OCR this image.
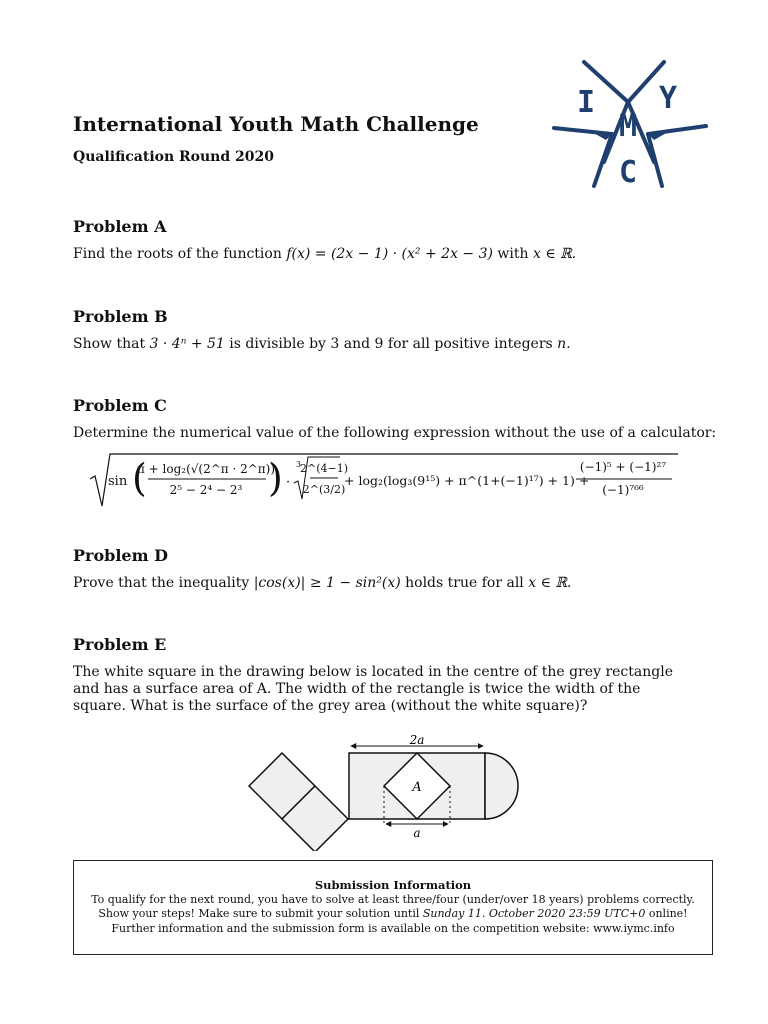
International Youth Math Challenge
Qualification Round 2020
I Y
M
C
Problem A
Find the roots of the function f(x) = (2x − 1) · (x² + 2x − 3) with x ∈ ℝ.
Problem B
Show that 3 · 4ⁿ + 51 is divisible by 3 and 9 for all positive integers n.
Problem C
Determine the numerical value of the following expression without the use of a calculator:
sin (
π + log₂(√(2^π · 2^π))
2⁵ − 2⁴ − 2³ ) ·
3
2^(4−1)
2^(3/2)
+ log₂(log₃(9¹⁵) + π^(1+(−1)¹⁷) + 1) +
(−1)⁵ + (−1)²⁷
(−1)⁷⁶⁶
Problem D
Prove that the inequality |cos(x)| ≥ 1 − sin²(x) holds true for all x ∈ ℝ.
Problem E
The white square in the drawing below is located in the centre of the grey rectangle and has a surface area of A. The width of the rectangle is twice the width of the square. What is the surface of the grey area (without the white square)?
2a
A
a
Submission Information
To qualify for the next round, you have to solve at least three/four (under/over 18 years) problems correctly.
Show your steps! Make sure to submit your solution until Sunday 11. October 2020 23:59 UTC+0 online!
Further information and the submission form is available on the competition website: www.iymc.info
